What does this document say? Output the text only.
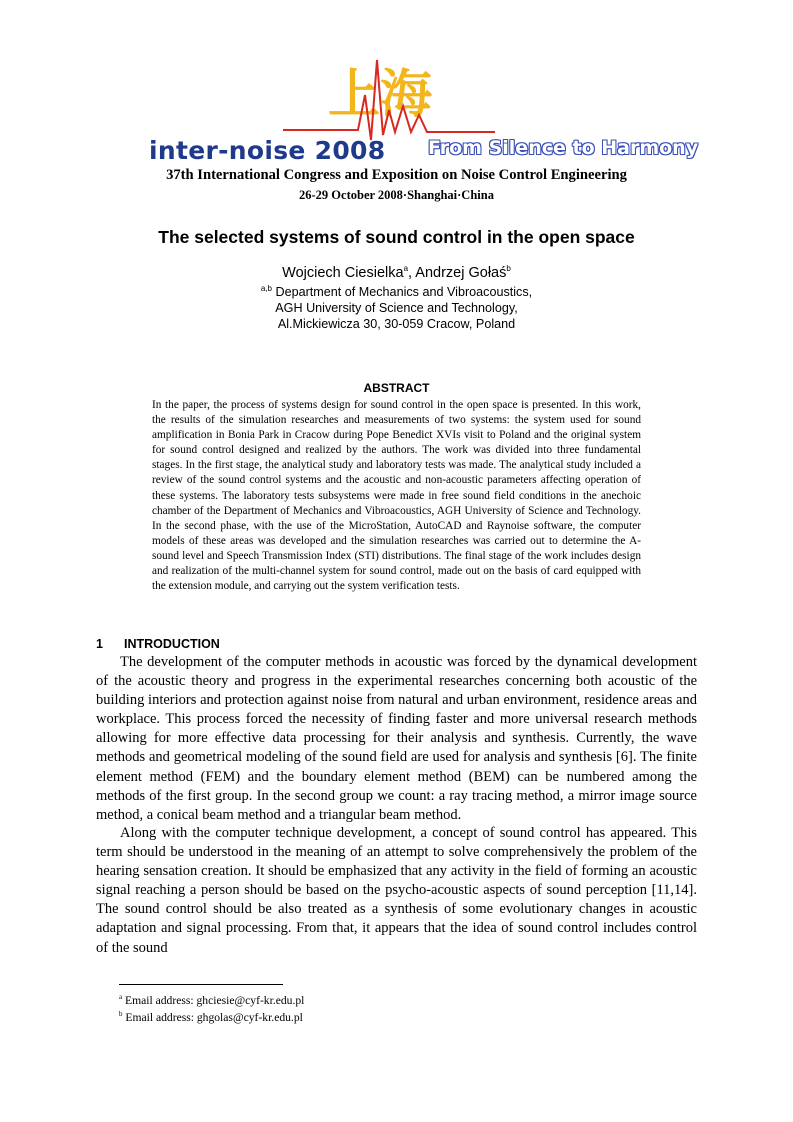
上海
inter-noise 2008 From Silence to Harmony
37th International Congress and Exposition on Noise Control Engineering
26-29 October 2008·Shanghai·China
The selected systems of sound control in the open space
Wojciech Ciesielka$^a$, Andrzej Gołaś$^b$
$^{a,b}$ Department of Mechanics and Vibroacoustics,
AGH University of Science and Technology,
Al.Mickiewicza 30, 30-059 Cracow, Poland
ABSTRACT

In the paper, the process of systems design for sound control in the open space is presented. In this work, the results of the simulation researches and measurements of two systems: the system used for sound amplification in Bonia Park in Cracow during Pope Benedict XVIs visit to Poland and the original system for sound control designed and realized by the authors. The work was divided into three fundamental stages. In the first stage, the analytical study and laboratory tests was made. The analytical study included a review of the sound control systems and the acoustic and non-acoustic parameters affecting operation of these systems. The laboratory tests subsystems were made in free sound field conditions in the anechoic chamber of the Department of Mechanics and Vibroacoustics, AGH University of Science and Technology. In the second phase, with the use of the MicroStation, AutoCAD and Raynoise software, the computer models of these areas was developed and the simulation researches was carried out to determine the A-sound level and Speech Transmission Index (STI) distributions. The final stage of the work includes design and realization of the multi-channel system for sound control, made out on the basis of card equipped with the extension module, and carrying out the system verification tests.

1 INTRODUCTION

The development of the computer methods in acoustic was forced by the dynamical development of the acoustic theory and progress in the experimental researches concerning both acoustic of the building interiors and protection against noise from natural and urban environment, residence areas and workplace. This process forced the necessity of finding faster and more universal research methods allowing for more effective data processing for their analysis and synthesis. Currently, the wave methods and geometrical modeling of the sound field are used for analysis and synthesis [6]. The finite element method (FEM) and the boundary element method (BEM) can be numbered among the methods of the first group. In the second group we count: a ray tracing method, a mirror image source method, a conical beam method and a triangular beam method.

Along with the computer technique development, a concept of sound control has appeared. This term should be understood in the meaning of an attempt to solve comprehensively the problem of the hearing sensation creation. It should be emphasized that any activity in the field of forming an acoustic signal reaching a person should be based on the psycho-acoustic aspects of sound perception [11,14]. The sound control should be also treated as a synthesis of some evolutionary changes in acoustic adaptation and signal processing. From that, it appears that the idea of sound control includes control of the sound

$^a$ Email address: ghciesie@cyf-kr.edu.pl
$^b$ Email address: ghgolas@cyf-kr.edu.pl
